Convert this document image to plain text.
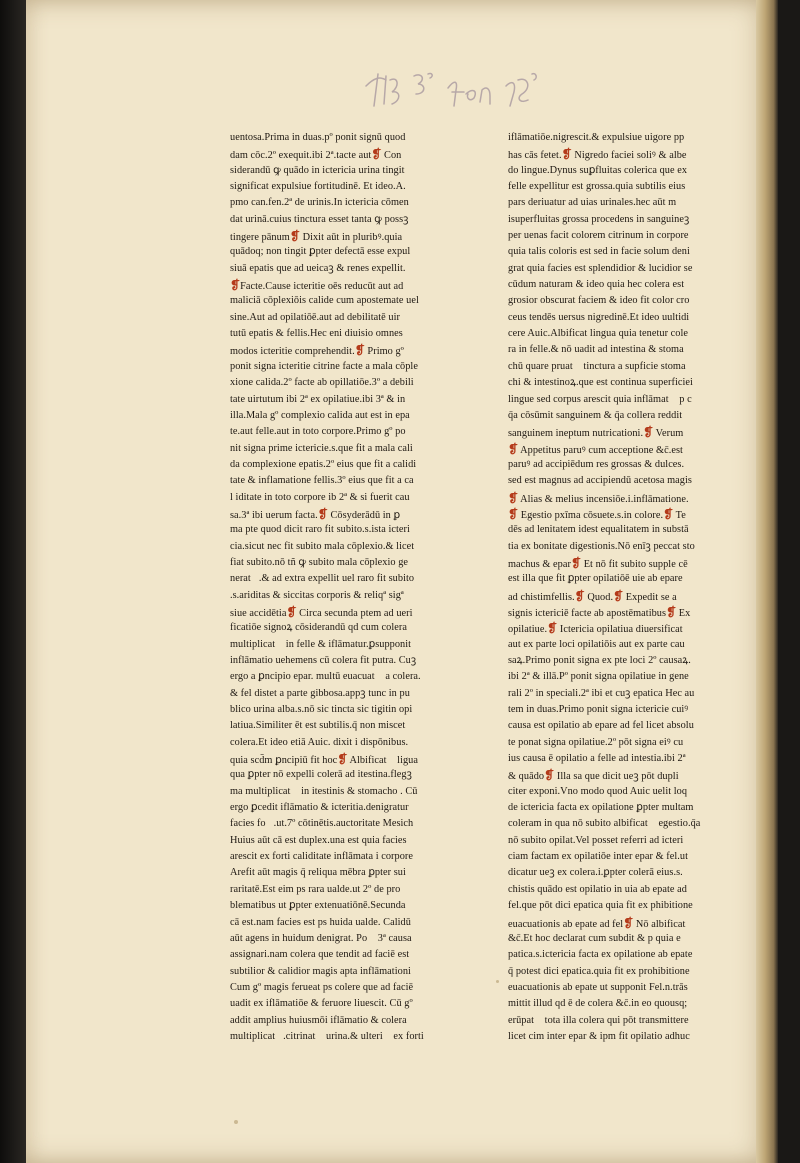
uentosa.Prima in duas.pº ponit signū quod
dam cōc.2º exequit.ibi 2ª.tacte aut❡ Con
siderandū ꝙ quādo in ictericia urina tingit
significat expulsiue fortitudinē. Et ideo.A.
pmo can.fen.2ª de urinis.In ictericia cōmen
dat urinā.cuius tinctura esset tanta ꝙ possꝫ
tingere pānum❡ Dixit aūt in pluribꝰ.quia
quādoq; non tingit ꝑpter defectā esse expul
siuā epatis que ad ueicaꝫ & renes expellit.
❡Facte.Cause icteritie oēs reducūt aut ad
maliciā cōplexiōis calide cum apostemate uel
sine.Aut ad opilatiōē.aut ad debilitatē uir
tutū epatis & fellis.Hec eni diuisio omnes
modos icteritie comprehendit.❡ Primo gº
ponit signa icteritie citrine facte a mala cōple
xione calida.2º facte ab opillatiōe.3º a debili
tate uirtutum ibi 2ª ex opilatiue.ibi 3ª & in
illa.Mala gº complexio calida aut est in epa
te.aut felle.aut in toto corpore.Primo gº po
nit signa prime ictericie.s.que fit a mala cali
da complexione epatis.2º eius que fit a calidi
tate & inflamatione fellis.3º eius que fit a ca
l iditate in toto corpore ib 2ª & si fuerit cau
sa.3ª ibi uerum facta.❡ Cōsyderādū in ꝑ
ma pte quod dicit raro fit subito.s.ista icteri
cia.sicut nec fit subito mala cōplexio.& licet
fiat subito.nō tñ ꝙ subito mala cōplexio ge
neratᷓ.& ad extra expellit uel raro fit subito
.s.ariditas & siccitas corporis & reliqª sigª
siue accidētia❡ Circa secunda ptem ad ueri
ficatiōe signoꝝ cōsiderandū qd cum colera
multiplicatᷓ in felle & iflāmatur.ꝑsupponit
inflāmatio uehemens cū colera fit putra. Cuꝫ
ergo a ꝑncipio epar. multū euacuatᷓ a colera.
& fel distet a parte gibbosa.appꝫ tunc in pu
blico urina alba.s.nō sic tincta sic tigitin opi
latiua.Similiter ēt est subtilis.q̄ non miscetᷓ
colera.Et ideo etiā Auic. dixit i dispōnibus.
quia scd̄m ꝑncipiū fit hoc❡ Albificatᷓ ligua
qua ꝑpter nō expelli colerā ad itestina.flegꝫ
ma multiplicatᷓ in itestinis & stomacho . Cū
ergo ꝑcedit iflāmatio & icteritia.denigratur
facies foᷓ.ut.7º cōtinētis.auctoritate Mesich
Huius aūt cā est duplex.una est quia facies
arescit ex forti caliditate inflāmata i corpore
Arefit aūt magis q̄ reliqua mēbra ꝑpter sui
raritatē.Est eim ps rara ualde.ut 2º de pro
blematibus ut ꝑpter extenuatiōnē.Secunda
cā est.nam facies est ps huida ualde. Calidū
aūt agens in huidum denigrat. Poᷓ 3ª causa
assignari.nam colera que tendit ad faciē est
subtilior & calidior magis apta inflāmationi
Cum gº magis ferueat ps colere que ad faciē
uadit ex iflāmatiōe & feruore liuescit. Cū gº
addit amplius huiusmōi iflāmatio & colera
multiplicatᷓ.citrinatᷓ urina.& ulteriꝰ ex forti
iflāmatiōe.nigrescit.& expulsiue uigore pp
has cās fetet.❡ Nigredo faciei soliꝰ & albe
do lingue.Dynus suꝑfluitas colerica que ex
felle expellitur est grossa.quia subtilis eius
pars deriuatur ad uias urinales.hec aūt m
isuperfluitas grossa procedens in sanguineꝫ
per uenas facit colorem citrinum in corpore
quia talis coloris est sed in facie solum deni
grat quia facies est splendidior & lucidior se
cūdum naturam & ideo quia hec colera est
grosior obscurat faciem & ideo fit color cro
ceus tendēs uersus nigredinē.Et ideo uultidi
cere Auic.Albificat lingua quia tenetur cole
ra in felle.& nō uadit ad intestina & stoma
chū quare pruatᷓ tinctura a supficie stoma
chi & intestinoꝝ.que est continua superficiei
lingue sed corpus arescit quia inflāmatᷓ p c
q̄a cōsūmit sanguinem & q̄a collera reddit
sanguinem ineptum nutricationi.❡ Verum
❡ Appetitus paruꝰ cum acceptione &c̄.est
paruꝰ ad accipiēdum res grossas & dulces.
sed est magnus ad accipiendū acetosa magis
❡ Alias & melius incensiōe.i.inflāmatione.
❡ Egestio pxīma cōsuete.s.in colore.❡ Te
dēs ad lenitatem idest equalitatem in substā
tia ex bonitate digestionis.Nō enīꝫ peccat sto
machus & epar❡ Et nō fit subito supple cē
est illa que fit ꝑpter opilatiōē uie ab epare
ad chistimfellis.❡ Quod.❡ Expedit se a
signis ictericiē facte ab apostēmatibus❡ Ex
opilatiue.❡ Ictericia opilatiua diuersificatᷓ
aut ex parte loci opilatiōis aut ex parte cau
saꝝ.Primo ponit signa ex pte loci 2º causaꝝ.
ibi 2ª & illā.Pº ponit signa opilatiue in gene
rali 2º in speciali.2ª ibi et cuꝫ epatica Hec au
tem in duas.Primo ponit signa ictericie cuiꝰ
causa est opilatio ab epare ad fel licet absolu
te ponat signa opilatiue.2º pōt signa eiꝰ cu
ius causa ē opilatio a felle ad intestia.ibi 2ª
& quādo❡ Illa sa que dicit ueꝫ pōt dupli
citer exponi.Vno modo quod Auic uelit loq
de ictericia facta ex opilatione ꝑpter multam
coleram in qua nō subito albificatᷓ egestio.q̄a
nō subito opilat.Vel posset referri ad icteri
ciam factam ex opilatiōe inter epar & fel.ut
dicatur ueꝫ ex colera.i.ꝑpter colerā eius.s.
chistis quādo est opilatio in uia ab epate ad
fel.que pōt dici epatica quia fit ex phibitione
euacuationis ab epate ad fel❡ Nō albificatᷓ
&c̄.Et hoc declarat cum subdit & p quia e
patica.s.ictericia facta ex opilatione ab epate
q̄ potest dici epatica.quia fit ex prohibitione
euacuationis ab epate ut supponit Fel.n.trās
mittit illud qd ē de colera &c̄.in eo quousq;
erūpatᷓ tota illa colera qui pōt transmittere
licet cim inter epar & ipm fit opilatio adhuc
